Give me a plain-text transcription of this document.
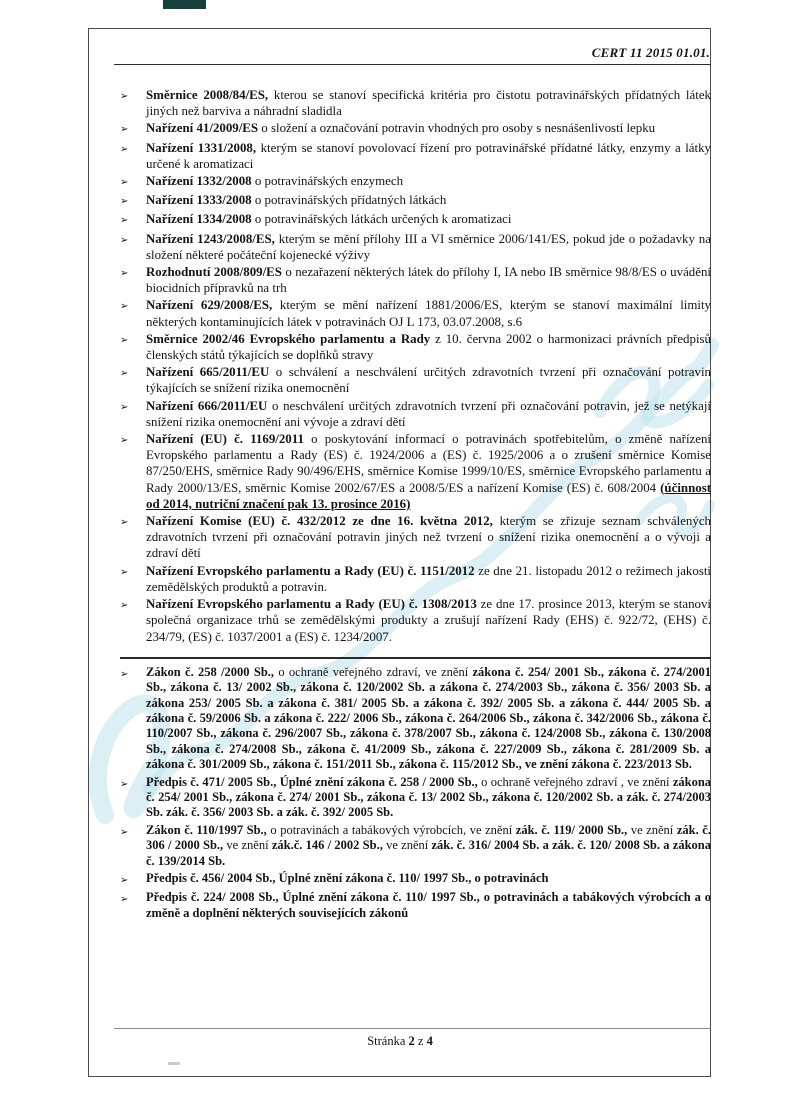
CERT 11 2015 01.01.
➢	Směrnice 2008/84/ES, kterou se stanoví specifická kritéria pro čistotu potravinářských přídatných látek jiných než barviva a náhradní sladidla
➢	Nařízení 41/2009/ES o složení a označování potravin vhodných pro osoby s nesnášenlivostí lepku
➢	Nařízení 1331/2008, kterým se stanoví povolovací řízení pro potravinářské přídatné látky, enzymy a látky určené k aromatizaci
➢	Nařízení 1332/2008 o potravinářských enzymech
➢	Nařízení 1333/2008 o potravinářských přídatných látkách
➢	Nařízení 1334/2008 o potravinářských látkách určených k aromatizaci
➢	Nařízení 1243/2008/ES, kterým se mění přílohy III a VI směrnice 2006/141/ES, pokud jde o požadavky na složení některé počáteční kojenecké výživy
➢	Rozhodnutí 2008/809/ES o nezařazení některých látek do přílohy I, IA nebo IB směrnice 98/8/ES o uvádění biocidních přípravků na trh
➢	Nařízení 629/2008/ES, kterým se mění nařízení 1881/2006/ES, kterým se stanoví maximální limity některých kontaminujících látek v potravinách OJ L 173, 03.07.2008, s.6
➢	Směrnice 2002/46 Evropského parlamentu a Rady z 10. června 2002 o harmonizaci právních předpisů členských států týkajících se doplňků stravy
➢	Nařízení 665/2011/EU o schválení a neschválení určitých zdravotních tvrzení při označování potravin týkajících se snížení rizika onemocnění
➢	Nařízení 666/2011/EU o neschválení určitých zdravotních tvrzení při označování potravin, jež se netýkají snížení rizika onemocnění ani vývoje a zdraví dětí
➢	Nařízení (EU) č. 1169/2011 o poskytování informací o potravinách spotřebitelům, o změně nařízení Evropského parlamentu a Rady (ES) č. 1924/2006 a (ES) č. 1925/2006 a o zrušení směrnice Komise 87/250/EHS, směrnice Rady 90/496/EHS, směrnice Komise 1999/10/ES, směrnice Evropského parlamentu a Rady 2000/13/ES, směrnic Komise 2002/67/ES a 2008/5/ES a nařízení Komise (ES) č. 608/2004 (účinnost od 2014, nutriční značení pak 13. prosince 2016)
➢	Nařízení Komise (EU) č. 432/2012 ze dne 16. května 2012, kterým se zřizuje seznam schválených zdravotních tvrzení při označování potravin jiných než tvrzení o snížení rizika onemocnění a o vývoji a zdraví dětí
➢	Nařízení Evropského parlamentu a Rady (EU) č. 1151/2012 ze dne 21. listopadu 2012 o režimech jakosti zemědělských produktů a potravin.
➢	Nařízení Evropského parlamentu a Rady (EU) č. 1308/2013 ze dne 17. prosince 2013, kterým se stanoví společná organizace trhů se zemědělskými produkty a zrušují nařízení Rady (EHS) č. 922/72, (EHS) č. 234/79, (ES) č. 1037/2001 a (ES) č. 1234/2007.
➢	Zákon č. 258 /2000 Sb., o ochraně veřejného zdraví, ve znění zákona č. 254/ 2001 Sb., zákona č. 274/2001 Sb., zákona č. 13/ 2002 Sb., zákona č. 120/2002 Sb. a zákona č. 274/2003 Sb., zákona č. 356/ 2003 Sb. a zákona 253/ 2005 Sb. a zákona č. 381/ 2005 Sb. a zákona č. 392/ 2005 Sb. a zákona č. 444/ 2005 Sb. a zákona č. 59/2006 Sb. a zákona č. 222/ 2006 Sb., zákona č. 264/2006 Sb., zákona č. 342/2006 Sb., zákona č. 110/2007 Sb., zákona č. 296/2007 Sb., zákona č. 378/2007 Sb., zákona č. 124/2008 Sb., zákona č. 130/2008 Sb., zákona č. 274/2008 Sb., zákona č. 41/2009 Sb., zákona č. 227/2009 Sb., zákona č. 281/2009 Sb. a zákona č. 301/2009 Sb., zákona č. 151/2011 Sb., zákona č. 115/2012 Sb., ve znění zákona č. 223/2013 Sb.
➢	Předpis č. 471/ 2005 Sb., Úplné znění zákona č. 258 / 2000 Sb., o ochraně veřejného zdraví , ve znění zákona č. 254/ 2001 Sb., zákona č. 274/ 2001 Sb., zákona č. 13/ 2002 Sb., zákona č. 120/2002 Sb. a zák. č. 274/2003 Sb. zák. č. 356/ 2003 Sb. a zák. č. 392/ 2005 Sb.
➢	Zákon č. 110/1997 Sb., o potravinách a tabákových výrobcích, ve znění zák. č. 119/ 2000 Sb., ve znění zák. č. 306 / 2000 Sb., ve znění zák.č. 146 / 2002 Sb., ve znění zák. č. 316/ 2004 Sb. a zák. č. 120/ 2008 Sb. a zákona č. 139/2014 Sb.
➢	Předpis č. 456/ 2004 Sb., Úplné znění zákona č. 110/ 1997 Sb., o potravinách
➢	Předpis č. 224/ 2008 Sb., Úplné znění zákona č. 110/ 1997 Sb., o potravinách a tabákových výrobcích a o změně a doplnění některých souvisejících zákonů
Stránka 2 z 4
